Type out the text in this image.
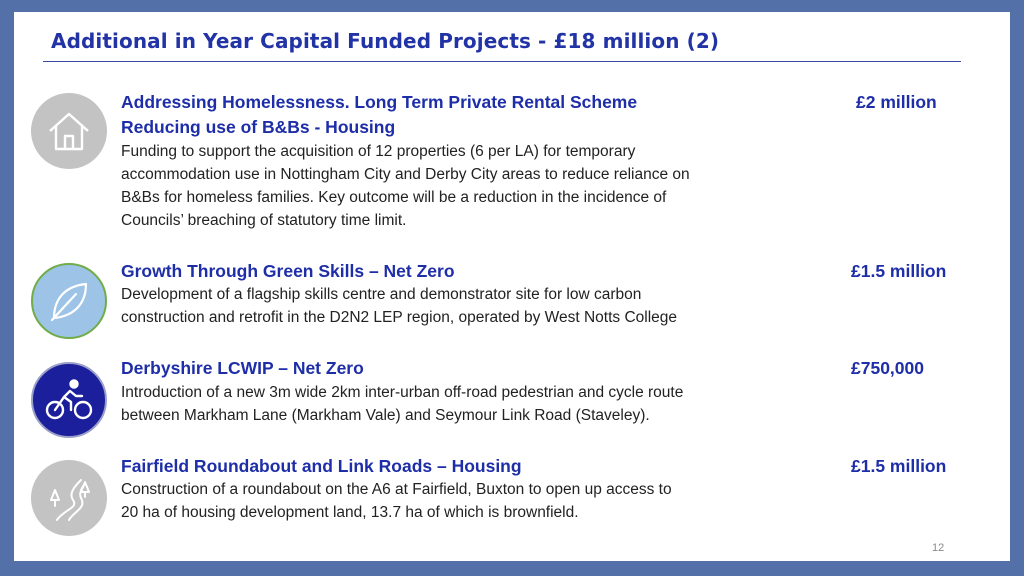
Additional in Year Capital Funded Projects - £18 million (2)
Addressing Homelessness. Long Term Private Rental Scheme
Reducing use of B&Bs - Housing
Funding to support the acquisition of 12 properties (6 per LA) for temporary
accommodation use in Nottingham City and Derby City areas to reduce reliance on
B&Bs for homeless families. Key outcome will be a reduction in the incidence of
Councils’ breaching of statutory time limit.
£2 million
Growth Through Green Skills – Net Zero
Development of a flagship skills centre and demonstrator site for low carbon
construction and retrofit in the D2N2 LEP region, operated by West Notts College
£1.5 million
Derbyshire LCWIP – Net Zero
Introduction of a new 3m wide 2km inter-urban off-road pedestrian and cycle route
between Markham Lane (Markham Vale) and Seymour Link Road (Staveley).
£750,000
Fairfield Roundabout and Link Roads – Housing
Construction of a roundabout on the A6 at Fairfield, Buxton to open up access to
20 ha of housing development land, 13.7 ha of which is brownfield.
£1.5 million
12
